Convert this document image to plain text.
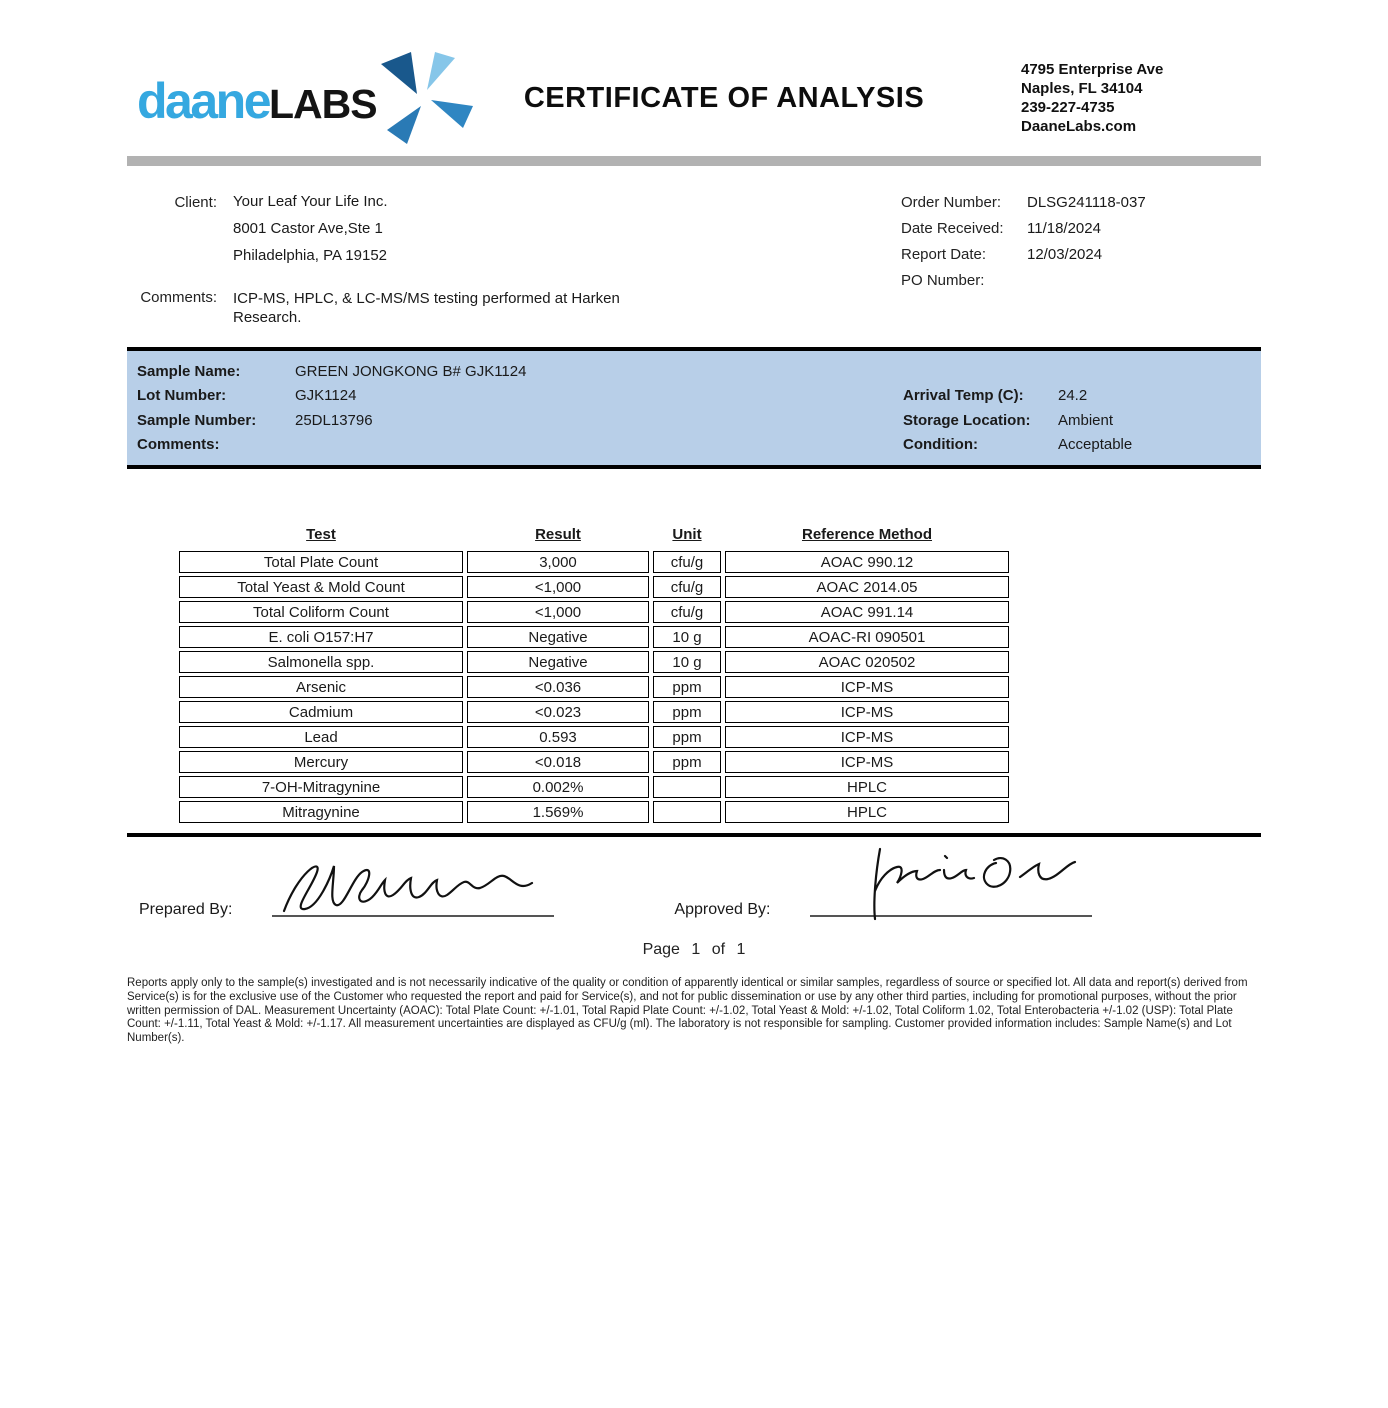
daaneLABS	CERTIFICATE OF ANALYSIS
4795 Enterprise Ave
Naples, FL 34104
239-227-4735
DaaneLabs.com
Client: Your Leaf Your Life Inc.
8001 Castor Ave,Ste 1
Philadelphia, PA 19152
Comments: ICP-MS, HPLC, & LC-MS/MS testing performed at Harken Research.
Order Number:	DLSG241118-037
Date Received:	11/18/2024
Report Date:	12/03/2024
PO Number:
Sample Name:	GREEN JONGKONG B# GJK1124
Lot Number:	GJK1124
Sample Number:	25DL13796
Comments:
Arrival Temp (C):	24.2
Storage Location:	Ambient
Condition:	Acceptable
Test	Result	Unit	Reference Method
Total Plate Count	3,000	cfu/g	AOAC 990.12
Total Yeast & Mold Count	<1,000	cfu/g	AOAC 2014.05
Total Coliform Count	<1,000	cfu/g	AOAC 991.14
E. coli O157:H7	Negative	10 g	AOAC-RI 090501
Salmonella spp.	Negative	10 g	AOAC 020502
Arsenic	<0.036	ppm	ICP-MS
Cadmium	<0.023	ppm	ICP-MS
Lead	0.593	ppm	ICP-MS
Mercury	<0.018	ppm	ICP-MS
7-OH-Mitragynine	0.002%		HPLC
Mitragynine	1.569%		HPLC
Prepared By:	Approved By:
Page 1 of 1

Reports apply only to the sample(s) investigated and is not necessarily indicative of the quality or condition of apparently identical or similar samples, regardless of source or specified lot. All data and report(s) derived from Service(s) is for the exclusive use of the Customer who requested the report and paid for Service(s), and not for public dissemination or use by any other third parties, including for promotional purposes, without the prior written permission of DAL. Measurement Uncertainty (AOAC): Total Plate Count: +/-1.01, Total Rapid Plate Count: +/-1.02, Total Yeast & Mold: +/-1.02, Total Coliform 1.02, Total Enterobacteria +/-1.02 (USP): Total Plate Count: +/-1.11, Total Yeast & Mold: +/-1.17. All measurement uncertainties are displayed as CFU/g (ml). The laboratory is not responsible for sampling. Customer provided information includes: Sample Name(s) and Lot Number(s).
